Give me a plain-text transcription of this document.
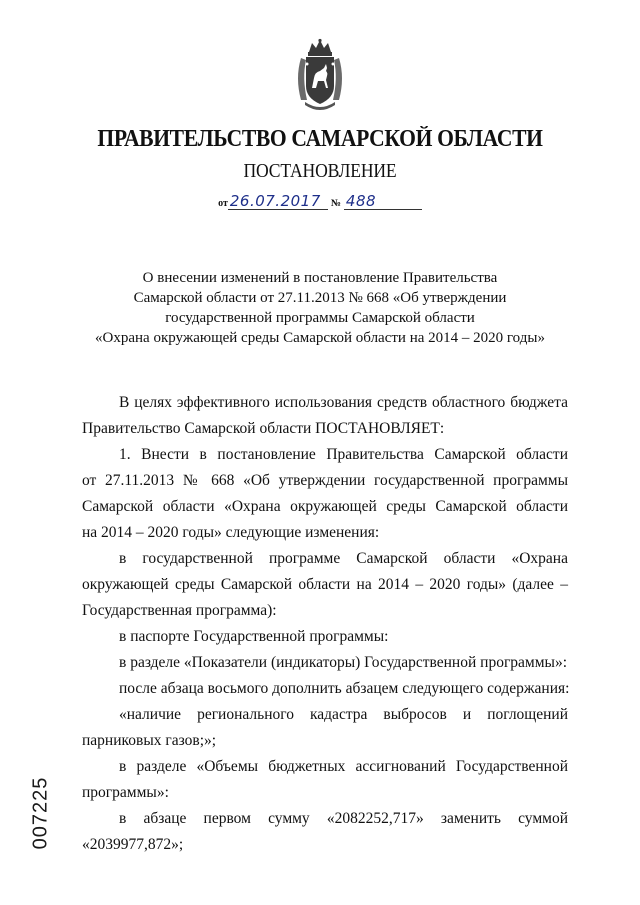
ПРАВИТЕЛЬСТВО САМАРСКОЙ ОБЛАСТИ
ПОСТАНОВЛЕНИЕ
от 26.07.2017 № 488
О внесении изменений в постановление Правительства
Самарской области от 27.11.2013 № 668 «Об утверждении
государственной программы Самарской области
«Охрана окружающей среды Самарской области на 2014 – 2020 годы»
В целях эффективного использования средств областного бюджета
Правительство Самарской области ПОСТАНОВЛЯЕТ:
1. Внести в постановление Правительства Самарской области
от 27.11.2013 № 668 «Об утверждении государственной программы
Самарской области «Охрана окружающей среды Самарской области
на 2014 – 2020 годы» следующие изменения:
в государственной программе Самарской области «Охрана
окружающей среды Самарской области на 2014 – 2020 годы» (далее –
Государственная программа):
в паспорте Государственной программы:
в разделе «Показатели (индикаторы) Государственной программы»:
после абзаца восьмого дополнить абзацем следующего содержания:
«наличие регионального кадастра выбросов и поглощений
парниковых газов;»;
в разделе «Объемы бюджетных ассигнований Государственной
программы»:
в абзаце первом сумму «2082252,717» заменить суммой
«2039977,872»;
007225
